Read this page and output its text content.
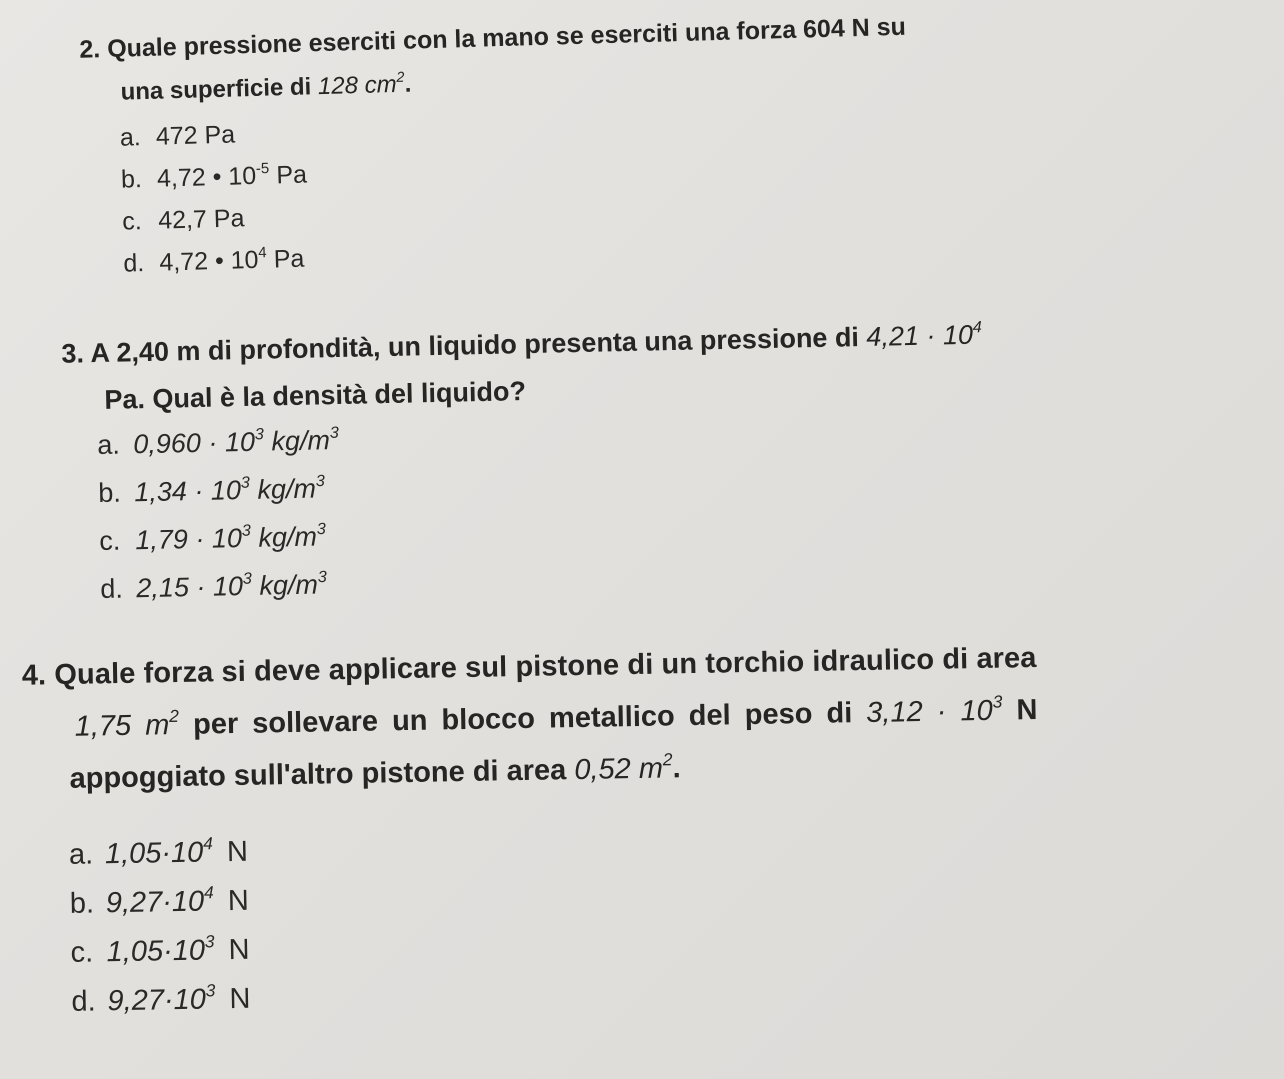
2. Quale pressione eserciti con la mano se eserciti una forza 604 N su
una superficie di 128 $cm^2$.
a. 472 Pa
b. 4,72 • $10^{-5}$ Pa
c. 42,7 Pa
d. 4,72 • $10^4$ Pa
3. A 2,40 m di profondità, un liquido presenta una pressione di $4,21 \cdot 10^4$
Pa. Qual è la densità del liquido?
a. $0,960 \cdot 10^3$ $kg/m^3$
b. $1,34 \cdot 10^3$ $kg/m^3$
c. $1,79 \cdot 10^3$ $kg/m^3$
d. $2,15 \cdot 10^3$ $kg/m^3$
4. Quale forza si deve applicare sul pistone di un torchio idraulico di area
1,75 $m^2$ per sollevare un blocco metallico del peso di $3,12 \cdot 10^3$ N
appoggiato sull'altro pistone di area 0,52 $m^2$.
a. $1,05\cdot 10^4$ N
b. $9,27\cdot 10^4$ N
c. $1,05\cdot 10^3$ N
d. $9,27\cdot 10^3$ N
